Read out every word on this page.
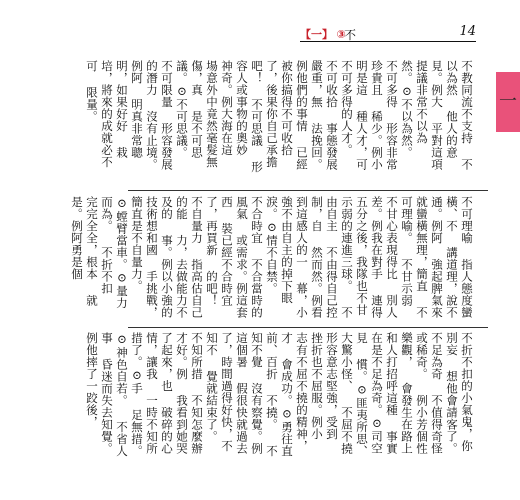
【一】 ③
不	14
一
不教同流不支持 不以為然 他人的意見。例大 平對這項提議非常不以為 然。⊙不以為然。 不可多得 形容非常珍貴且 稀少。例小明是這 種人才，可不可多得的人才。 不可收拾 事態發展嚴重，無 法挽回。例他們的事情 已經被你搞得不可收拾 了，後果你自己承擔吧！ 不可思議 形容人或事物的奧妙 神奇。例大海在這 場意外中竟然毫髮無傷，真 是不可思議。⊙不可思議。 不可限量 形容發展的潛力 沒有止境。例阿 明真非常聰明，如果好好 栽培，將來的成就必不可 限量。
不可理喻 指人態度蠻橫、不 講道理，說不通。例阿 強起脾氣來就蠻橫無理，簡直 不可理喻。 不甘示弱 不甘心表現得比 別人差。例我在對手 連得五分之後，我隊也不甘 示弱的連進三球。 不由自主 不由得自己控制，自 然而然。例看到這感人的一 幕，小強不由自主的掉下眼 淚。⊙情不自禁。 不合時宜 不合當時的風氣 或需求。例這套西 裝已經不合時宜了，再買新 的吧！ 不自量力 指高估自己的能 力，去做能力不及的 事。例以小強的技術想和國 手挑戰，簡直是不自量力。 ⊙螳臂當車。⊙量力而為。 不折不扣 完完全全，根本 就是。例阿勇是個
不折不扣的小氣鬼，你別妄 想他會請客了。 不足為奇 不值得奇怪或稀奇。 例小芳個性樂觀， 會發生在路上和人打招呼這種 事實在是不足為奇。⊙司空見 慣。⊙匪夷所思、大驚小怪、 不屈不撓 形容意志堅強，受到 挫折也不屈服。例小 志有不屈不撓的精神，才 會成功。⊙勇往直前、百折 不撓。 不知不覺 沒有察覺。例這個暑 假很快就過去了，時間過得好快，不知不 覺就結束了。 不知所措 不知怎麼辦才好。例 我看到她哭了起來，也 破碎的心情，讓我 一時不知所措了。⊙手 足無措。⊙神色自若。 不省人事 昏迷而失去知覺。 例他摔了一跤後，
